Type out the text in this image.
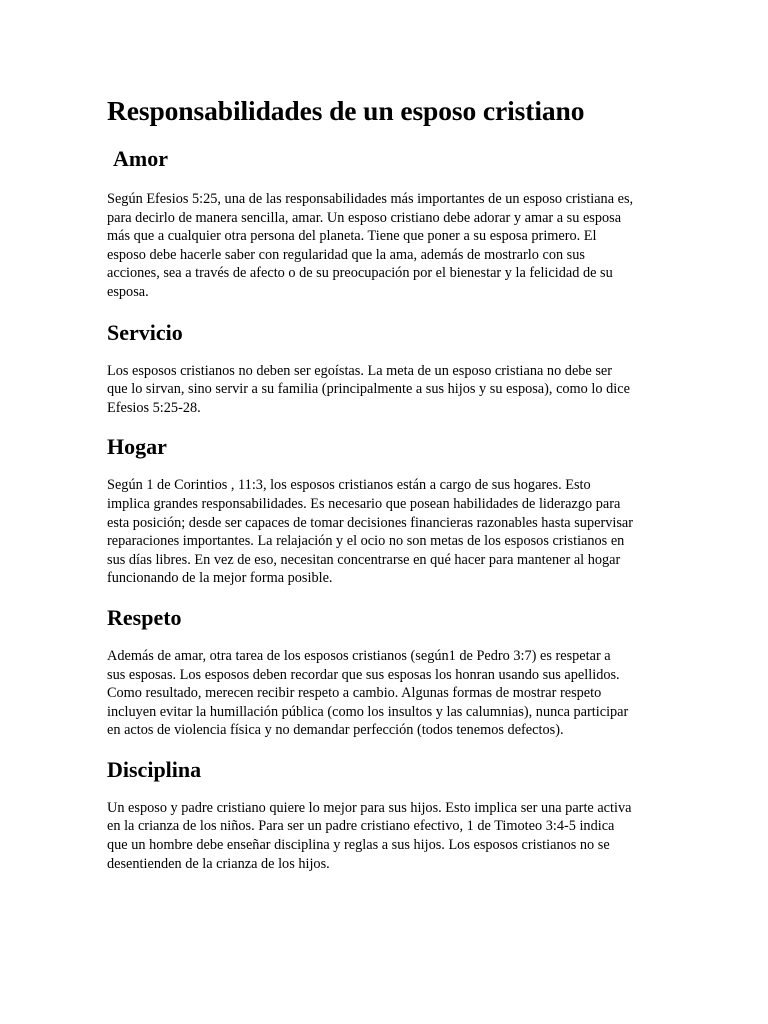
Responsabilidades de un esposo cristiano
Amor

Según Efesios 5:25, una de las responsabilidades más importantes de un esposo cristiana es,
para decirlo de manera sencilla, amar. Un esposo cristiano debe adorar y amar a su esposa
más que a cualquier otra persona del planeta. Tiene que poner a su esposa primero. El
esposo debe hacerle saber con regularidad que la ama, además de mostrarlo con sus
acciones, sea a través de afecto o de su preocupación por el bienestar y la felicidad de su
esposa.

Servicio

Los esposos cristianos no deben ser egoístas. La meta de un esposo cristiana no debe ser
que lo sirvan, sino servir a su familia (principalmente a sus hijos y su esposa), como lo dice
Efesios 5:25-28.

Hogar

Según 1 de Corintios , 11:3, los esposos cristianos están a cargo de sus hogares. Esto
implica grandes responsabilidades. Es necesario que posean habilidades de liderazgo para
esta posición; desde ser capaces de tomar decisiones financieras razonables hasta supervisar
reparaciones importantes. La relajación y el ocio no son metas de los esposos cristianos en
sus días libres. En vez de eso, necesitan concentrarse en qué hacer para mantener al hogar
funcionando de la mejor forma posible.

Respeto

Además de amar, otra tarea de los esposos cristianos (según1 de Pedro 3:7) es respetar a
sus esposas. Los esposos deben recordar que sus esposas los honran usando sus apellidos.
Como resultado, merecen recibir respeto a cambio. Algunas formas de mostrar respeto
incluyen evitar la humillación pública (como los insultos y las calumnias), nunca participar
en actos de violencia física y no demandar perfección (todos tenemos defectos).

Disciplina

Un esposo y padre cristiano quiere lo mejor para sus hijos. Esto implica ser una parte activa
en la crianza de los niños. Para ser un padre cristiano efectivo, 1 de Timoteo 3:4-5 indica
que un hombre debe enseñar disciplina y reglas a sus hijos. Los esposos cristianos no se
desentienden de la crianza de los hijos.
